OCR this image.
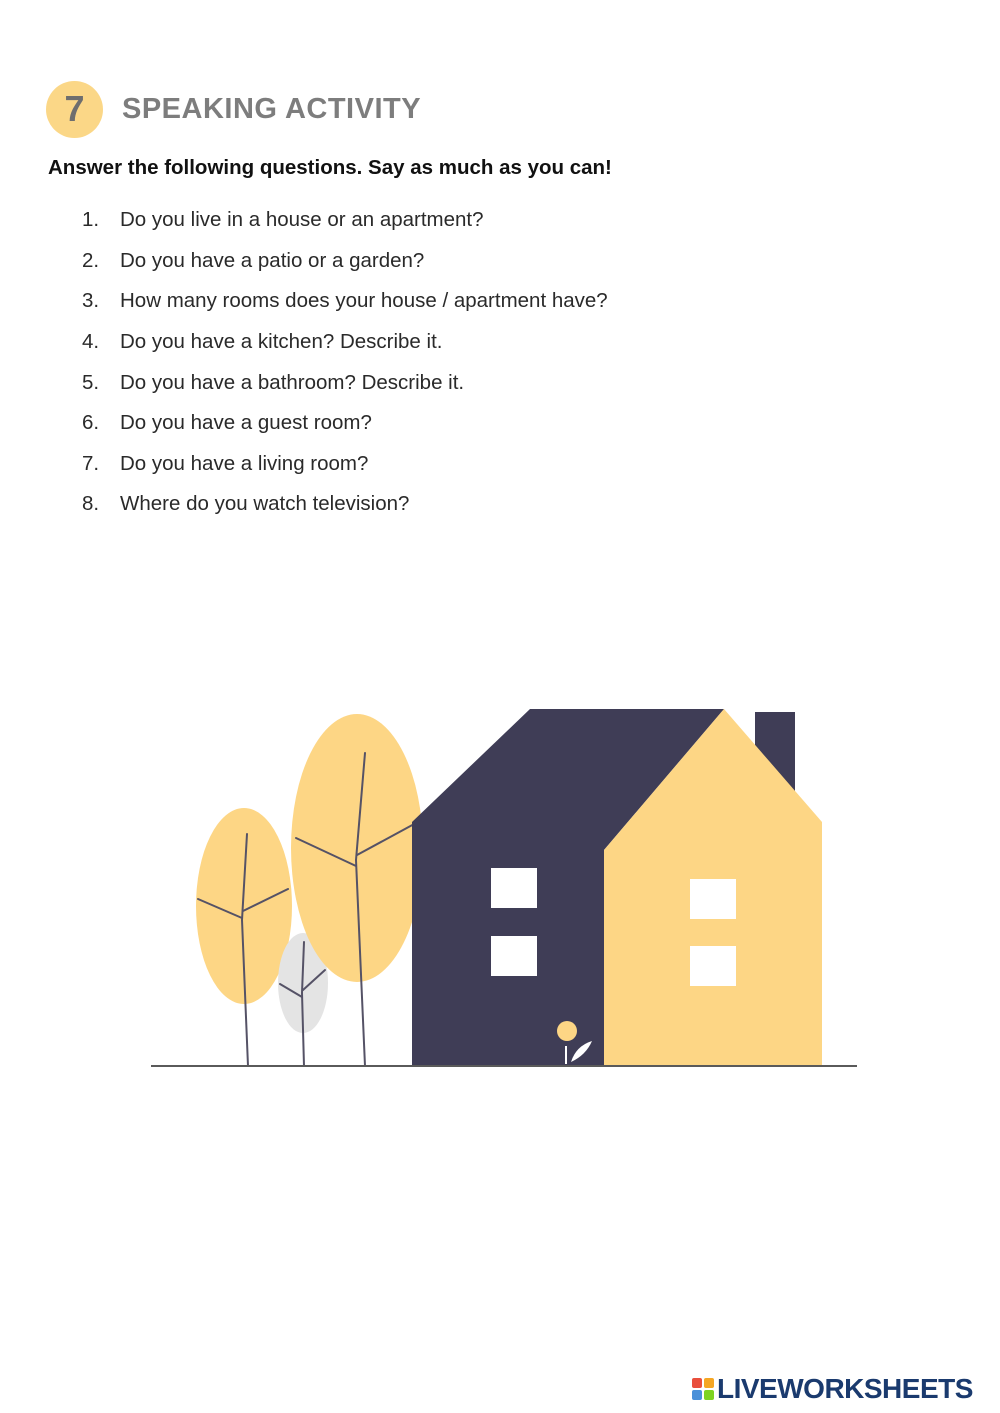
7	SPEAKING ACTIVITY
Answer the following questions. Say as much as you can!
1.	Do you live in a house or an apartment?
2.	Do you have a patio or a garden?
3.	How many rooms does your house / apartment have?
4.	Do you have a kitchen? Describe it.
5.	Do you have a bathroom? Describe it.
6.	Do you have a guest room?
7.	Do you have a living room?
8.	Where do you watch television?
LIVEWORKSHEETS
